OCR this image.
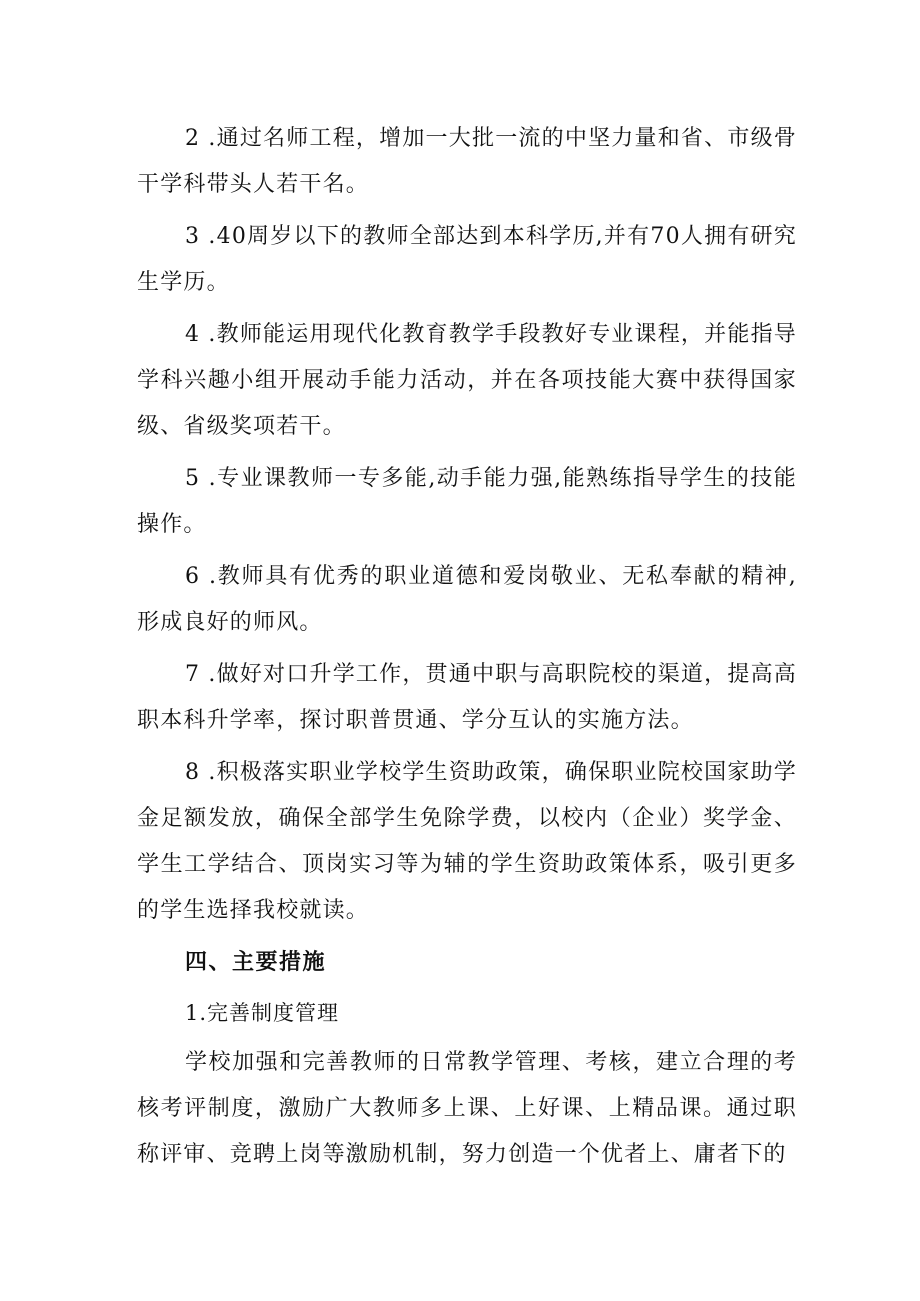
2 .通过名师工程，增加一大批一流的中坚力量和省、市级骨干学科带头人若干名。

3 .40周岁以下的教师全部达到本科学历,并有70人拥有研究生学历。

4 .教师能运用现代化教育教学手段教好专业课程，并能指导学科兴趣小组开展动手能力活动，并在各项技能大赛中获得国家级、省级奖项若干。

5 .专业课教师一专多能,动手能力强,能熟练指导学生的技能操作。

6 .教师具有优秀的职业道德和爱岗敬业、无私奉献的精神,形成良好的师风。

7 .做好对口升学工作，贯通中职与高职院校的渠道，提高高职本科升学率，探讨职普贯通、学分互认的实施方法。

8 .积极落实职业学校学生资助政策，确保职业院校国家助学金足额发放，确保全部学生免除学费，以校内（企业）奖学金、学生工学结合、顶岗实习等为辅的学生资助政策体系，吸引更多的学生选择我校就读。

四、主要措施

1.完善制度管理

学校加强和完善教师的日常教学管理、考核，建立合理的考核考评制度，激励广大教师多上课、上好课、上精品课。通过职称评审、竞聘上岗等激励机制，努力创造一个优者上、庸者下的
